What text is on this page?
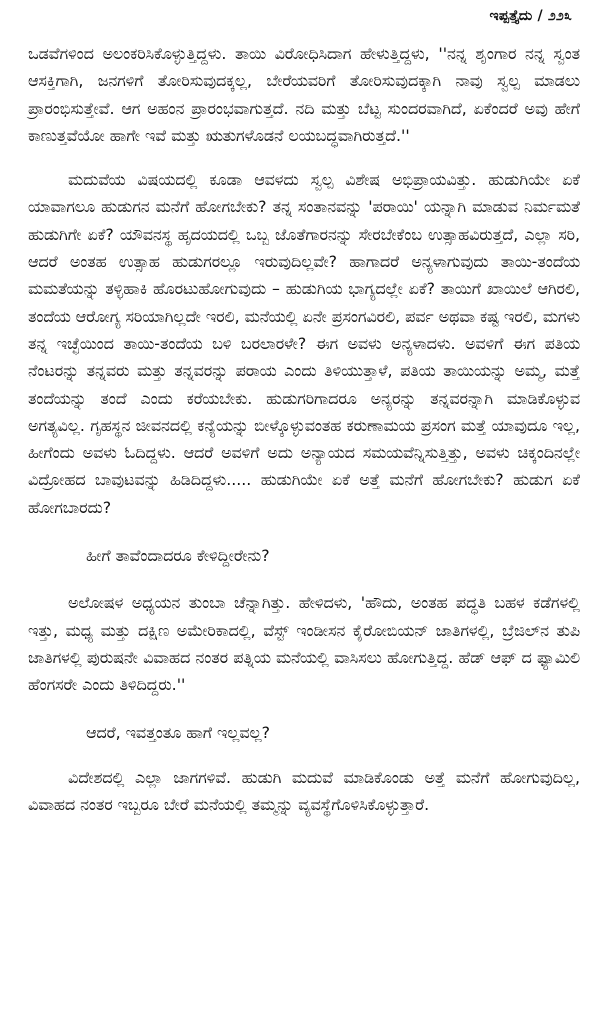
ಇಪ್ಪತ್ತೈದು / ೨೨೩

ಒಡವೆಗಳಿಂದ ಅಲಂಕರಿಸಿಕೊಳ್ಳುತ್ತಿದ್ದಳು. ತಾಯಿ ವಿರೋಧಿಸಿದಾಗ ಹೇಳುತ್ತಿದ್ದಳು, ''ನನ್ನ ಶೃಂಗಾರ ನನ್ನ ಸ್ವಂತ ಆಸಕ್ತಿಗಾಗಿ, ಜನಗಳಿಗೆ ತೋರಿಸುವುದಕ್ಕಲ್ಲ, ಬೇರೆಯವರಿಗೆ ತೋರಿಸುವುದಕ್ಕಾಗಿ ನಾವು ಸ್ವಲ್ಪ ಮಾಡಲು ಪ್ರಾರಂಭಿಸುತ್ತೇವೆ. ಆಗ ಅಹಂನ ಪ್ರಾರಂಭವಾಗುತ್ತದೆ. ನದಿ ಮತ್ತು ಬೆಟ್ಟ ಸುಂದರವಾಗಿದೆ, ಏಕೆಂದರೆ ಅವು ಹೇಗೆ ಕಾಣುತ್ತವೆಯೋ ಹಾಗೇ ಇವೆ ಮತ್ತು ಋತುಗಳೊಡನೆ ಲಯಬದ್ಧವಾಗಿರುತ್ತದೆ.''

ಮದುವೆಯ ವಿಷಯದಲ್ಲಿ ಕೂಡಾ ಆವಳದು ಸ್ವಲ್ಪ ವಿಶೇಷ ಅಭಿಪ್ರಾಯವಿತ್ತು. ಹುಡುಗಿಯೇ ಏಕೆ ಯಾವಾಗಲೂ ಹುಡುಗನ ಮನೆಗೆ ಹೋಗಬೇಕು? ತನ್ನ ಸಂತಾನವನ್ನು 'ಪರಾಯಿ' ಯನ್ನಾಗಿ ಮಾಡುವ ನಿರ್ಮಮತೆ ಹುಡುಗಿಗೇ ಏಕೆ? ಯೌವನಸ್ಥ ಹೃದಯದಲ್ಲಿ ಒಬ್ಬ ಜೊತೆಗಾರನನ್ನು ಸೇರಬೇಕೆಂಬ ಉತ್ಸಾಹವಿರುತ್ತದೆ, ಎಲ್ಲಾ ಸರಿ, ಆದರೆ ಅಂತಹ ಉತ್ಸಾಹ ಹುಡುಗರಲ್ಲೂ ಇರುವುದಿಲ್ಲವೇ? ಹಾಗಾದರೆ ಅನ್ಯಳಾಗುವುದು ತಾಯಿ-ತಂದೆಯ ಮಮತೆಯನ್ನು ತಳ್ಳಿಹಾಕಿ ಹೊರಟುಹೋಗುವುದು – ಹುಡುಗಿಯ ಭಾಗ್ಯದಲ್ಲೇ ಏಕೆ? ತಾಯಿಗೆ ಖಾಯಿಲೆ ಆಗಿರಲಿ, ತಂದೆಯ ಆರೋಗ್ಯ ಸರಿಯಾಗಿಲ್ಲದೇ ಇರಲಿ, ಮನೆಯಲ್ಲಿ ಏನೇ ಪ್ರಸಂಗವಿರಲಿ, ಪರ್ವ ಅಥವಾ ಕಷ್ಟ ಇರಲಿ, ಮಗಳು ತನ್ನ ಇಚ್ಛೆಯಿಂದ ತಾಯಿ-ತಂದೆಯ ಬಳಿ ಬರಲಾರಳೇ? ಈಗ ಅವಳು ಅನ್ಯಳಾದಳು. ಅವಳಿಗೆ ಈಗ ಪತಿಯ ನೆಂಟರನ್ನು ತನ್ನವರು ಮತ್ತು ತನ್ನವರನ್ನು ಪರಾಯ ಎಂದು ತಿಳಿಯುತ್ತಾಳೆ, ಪತಿಯ ತಾಯಿಯನ್ನು ಅಮ್ಮ, ಮತ್ತೆ ತಂದೆಯನ್ನು ತಂದೆ ಎಂದು ಕರೆಯಬೇಕು. ಹುಡುಗರಿಗಾದರೂ ಅನ್ಯರನ್ನು ತನ್ನವರನ್ನಾಗಿ ಮಾಡಿಕೊಳ್ಳುವ ಅಗತ್ಯವಿಲ್ಲ. ಗೃಹಸ್ಥನ ಜೀವನದಲ್ಲಿ ಕನ್ಯೆಯನ್ನು ಬೀಳ್ಕೊಳ್ಳುವಂತಹ ಕರುಣಾಮಯ ಪ್ರಸಂಗ ಮತ್ತೆ ಯಾವುದೂ ಇಲ್ಲ, ಹೀಗೆಂದು ಅವಳು ಓದಿದ್ದಳು. ಆದರೆ ಅವಳಿಗೆ ಅದು ಅನ್ಯಾಯದ ಸಮಯವೆನ್ನಿಸುತ್ತಿತ್ತು, ಅವಳು ಚಿಕ್ಕಂದಿನಲ್ಲೇ ವಿದ್ರೋಹದ ಬಾವುಟವನ್ನು ಹಿಡಿದಿದ್ದಳು..... ಹುಡುಗಿಯೇ ಏಕೆ ಅತ್ತೆ ಮನೆಗೆ ಹೋಗಬೇಕು? ಹುಡುಗ ಏಕೆ ಹೋಗಬಾರದು?

ಹೀಗೆ ತಾವೆಂದಾದರೂ ಕೇಳಿದ್ದೀರೇನು?

ಅಲೋಷಳ ಅಧ್ಯಯನ ತುಂಬಾ ಚೆನ್ನಾಗಿತ್ತು. ಹೇಳಿದಳು, 'ಹೌದು, ಅಂತಹ ಪದ್ಧತಿ ಬಹಳ ಕಡೆಗಳಲ್ಲಿ ಇತ್ತು, ಮಧ್ಯ ಮತ್ತು ದಕ್ಷಿಣ ಅಮೇರಿಕಾದಲ್ಲಿ, ವೆಸ್ಟ್ ಇಂಡೀಸನ ಕೈರೋಬಿಯನ್ ಜಾತಿಗಳಲ್ಲಿ, ಬ್ರೆಜಿಲ್‌ನ ತುಪಿ ಜಾತಿಗಳಲ್ಲಿ ಪುರುಷನೇ ವಿವಾಹದ ನಂತರ ಪತ್ನಿಯ ಮನೆಯಲ್ಲಿ ವಾಸಿಸಲು ಹೋಗುತ್ತಿದ್ದ. ಹೆಡ್ ಆಫ್ ದ ಫ್ಯಾಮಿಲಿ ಹೆಂಗಸರೇ ಎಂದು ತಿಳಿದಿದ್ದರು.''

ಆದರೆ, ಇವತ್ತಂತೂ ಹಾಗೆ ಇಲ್ಲವಲ್ಲ?

ವಿದೇಶದಲ್ಲಿ ಎಲ್ಲಾ ಜಾಗಗಳಿವೆ. ಹುಡುಗಿ ಮದುವೆ ಮಾಡಿಕೊಂಡು ಅತ್ತೆ ಮನೆಗೆ ಹೋಗುವುದಿಲ್ಲ, ವಿವಾಹದ ನಂತರ ಇಬ್ಬರೂ ಬೇರೆ ಮನೆಯಲ್ಲಿ ತಮ್ಮನ್ನು ವ್ಯವಸ್ಥೆಗೊಳಿಸಿಕೊಳ್ಳುತ್ತಾರೆ.
